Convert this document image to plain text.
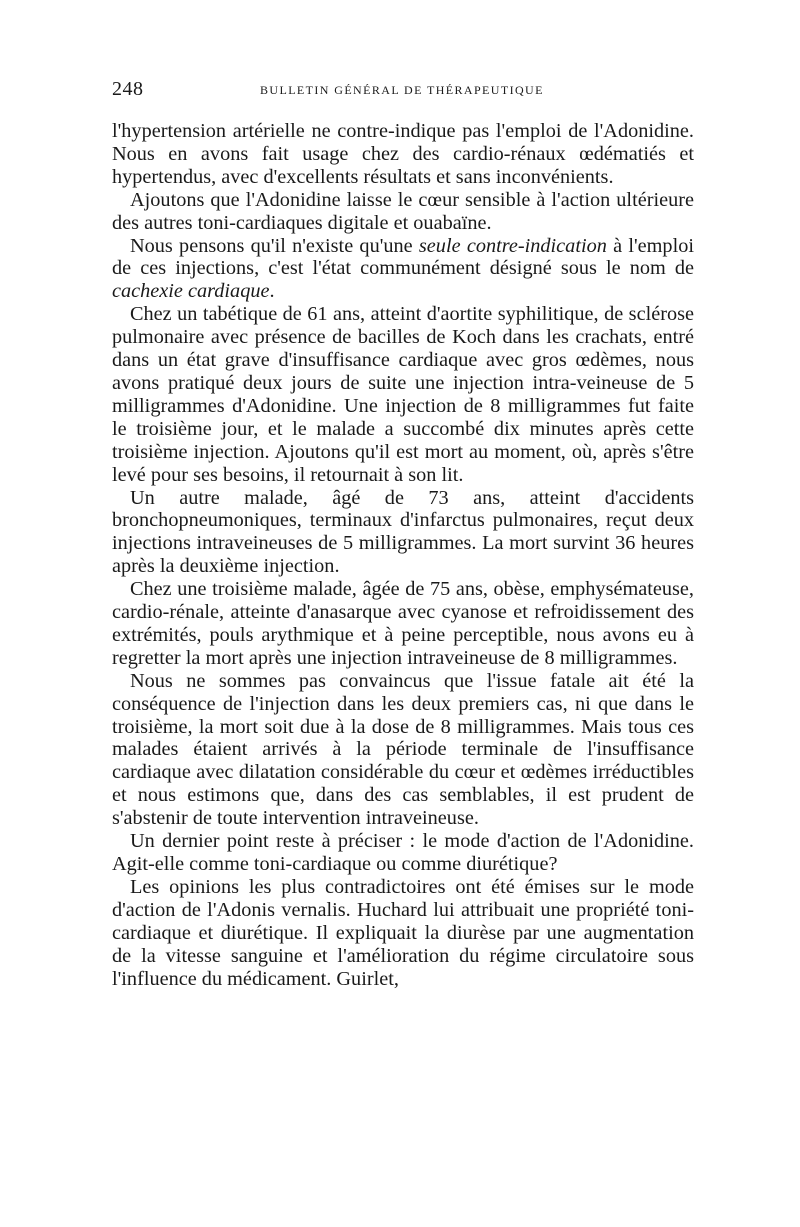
248	BULLETIN GÉNÉRAL DE THÉRAPEUTIQUE

l'hypertension artérielle ne contre-indique pas l'emploi de l'Adonidine. Nous en avons fait usage chez des cardio-rénaux œdématiés et hypertendus, avec d'excellents résultats et sans inconvénients.

Ajoutons que l'Adonidine laisse le cœur sensible à l'action ultérieure des autres toni-cardiaques digitale et ouabaïne.

Nous pensons qu'il n'existe qu'une seule contre-indication à l'emploi de ces injections, c'est l'état communément désigné sous le nom de cachexie cardiaque.

Chez un tabétique de 61 ans, atteint d'aortite syphilitique, de sclérose pulmonaire avec présence de bacilles de Koch dans les crachats, entré dans un état grave d'insuffisance cardiaque avec gros œdèmes, nous avons pratiqué deux jours de suite une injection intra-veineuse de 5 milligrammes d'Adonidine. Une injection de 8 milligrammes fut faite le troisième jour, et le malade a succombé dix minutes après cette troisième injection. Ajoutons qu'il est mort au moment, où, après s'être levé pour ses besoins, il retournait à son lit.

Un autre malade, âgé de 73 ans, atteint d'accidents bronchopneumoniques, terminaux d'infarctus pulmonaires, reçut deux injections intraveineuses de 5 milligrammes. La mort survint 36 heures après la deuxième injection.

Chez une troisième malade, âgée de 75 ans, obèse, emphysémateuse, cardio-rénale, atteinte d'anasarque avec cyanose et refroidissement des extrémités, pouls arythmique et à peine perceptible, nous avons eu à regretter la mort après une injection intraveineuse de 8 milligrammes.

Nous ne sommes pas convaincus que l'issue fatale ait été la conséquence de l'injection dans les deux premiers cas, ni que dans le troisième, la mort soit due à la dose de 8 milligrammes. Mais tous ces malades étaient arrivés à la période terminale de l'insuffisance cardiaque avec dilatation considérable du cœur et œdèmes irréductibles et nous estimons que, dans des cas semblables, il est prudent de s'abstenir de toute intervention intraveineuse.

Un dernier point reste à préciser : le mode d'action de l'Adonidine. Agit-elle comme toni-cardiaque ou comme diurétique?

Les opinions les plus contradictoires ont été émises sur le mode d'action de l'Adonis vernalis. Huchard lui attribuait une propriété toni-cardiaque et diurétique. Il expliquait la diurèse par une augmentation de la vitesse sanguine et l'amélioration du régime circulatoire sous l'influence du médicament. Guirlet,
